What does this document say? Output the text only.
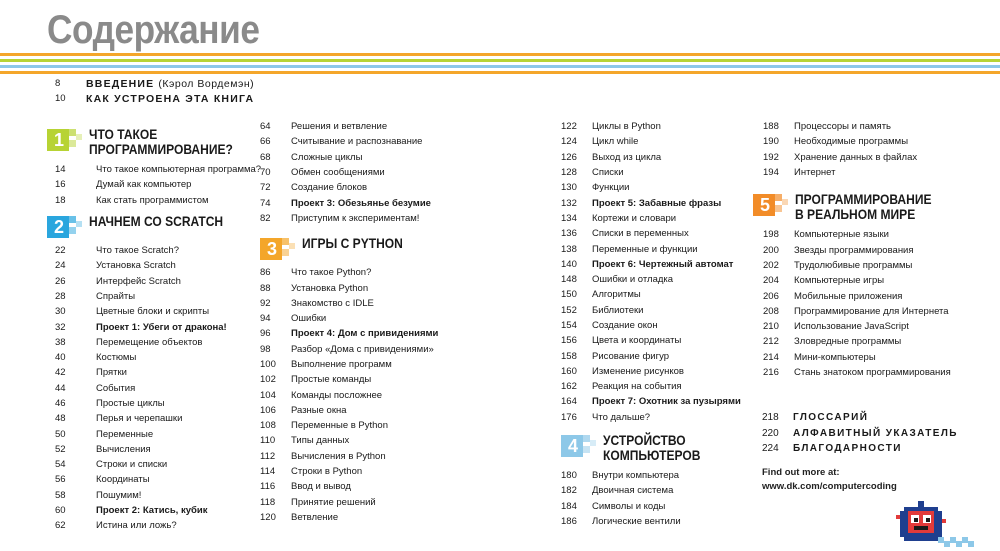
Содержание
8	ВВЕДЕНИЕ (Кэрол Вордемэн)
10	КАК УСТРОЕНА ЭТА КНИГА
1 ЧТО ТАКОЕ
ПРОГРАММИРОВАНИЕ?
14	Что такое компьютерная программа?
16	Думай как компьютер
18	Как стать программистом
2 НАЧНЕМ СО SCRATCH
22	Что такое Scratch?
24	Установка Scratch
26	Интерфейс Scratch
28	Спрайты
30	Цветные блоки и скрипты
32	Проект 1: Убеги от дракона!
38	Перемещение объектов
40	Костюмы
42	Прятки
44	События
46	Простые циклы
48	Перья и черепашки
50	Переменные
52	Вычисления
54	Строки и списки
56	Координаты
58	Пошумим!
60	Проект 2: Катись, кубик
62	Истина или ложь?
64	Решения и ветвление
66	Считывание и распознавание
68	Сложные циклы
70	Обмен сообщениями
72	Создание блоков
74	Проект 3: Обезьянье безумие
82	Приступим к экспериментам!
3 ИГРЫ С PYTHON
86	Что такое Python?
88	Установка Python
92	Знакомство с IDLE
94	Ошибки
96	Проект 4: Дом с привидениями
98	Разбор «Дома с привидениями»
100	Выполнение программ
102	Простые команды
104	Команды посложнее
106	Разные окна
108	Переменные в Python
110	Типы данных
112	Вычисления в Python
114	Строки в Python
116	Ввод и вывод
118	Принятие решений
120	Ветвление
122	Циклы в Python
124	Цикл while
126	Выход из цикла
128	Списки
130	Функции
132	Проект 5: Забавные фразы
134	Кортежи и словари
136	Списки в переменных
138	Переменные и функции
140	Проект 6: Чертежный автомат
148	Ошибки и отладка
150	Алгоритмы
152	Библиотеки
154	Создание окон
156	Цвета и координаты
158	Рисование фигур
160	Изменение рисунков
162	Реакция на события
164	Проект 7: Охотник за пузырями
176	Что дальше?
4 УСТРОЙСТВО
КОМПЬЮТЕРОВ
180	Внутри компьютера
182	Двоичная система
184	Символы и коды
186	Логические вентили
188	Процессоры и память
190	Необходимые программы
192	Хранение данных в файлах
194	Интернет
5 ПРОГРАММИРОВАНИЕ
В РЕАЛЬНОМ МИРЕ
198	Компьютерные языки
200	Звезды программирования
202	Трудолюбивые программы
204	Компьютерные игры
206	Мобильные приложения
208	Программирование для Интернета
210	Использование JavaScript
212	Зловредные программы
214	Мини-компьютеры
216	Стань знатоком программирования
218	ГЛОССАРИЙ
220	АЛФАВИТНЫЙ УКАЗАТЕЛЬ
224	БЛАГОДАРНОСТИ
Find out more at:
www.dk.com/computercoding
